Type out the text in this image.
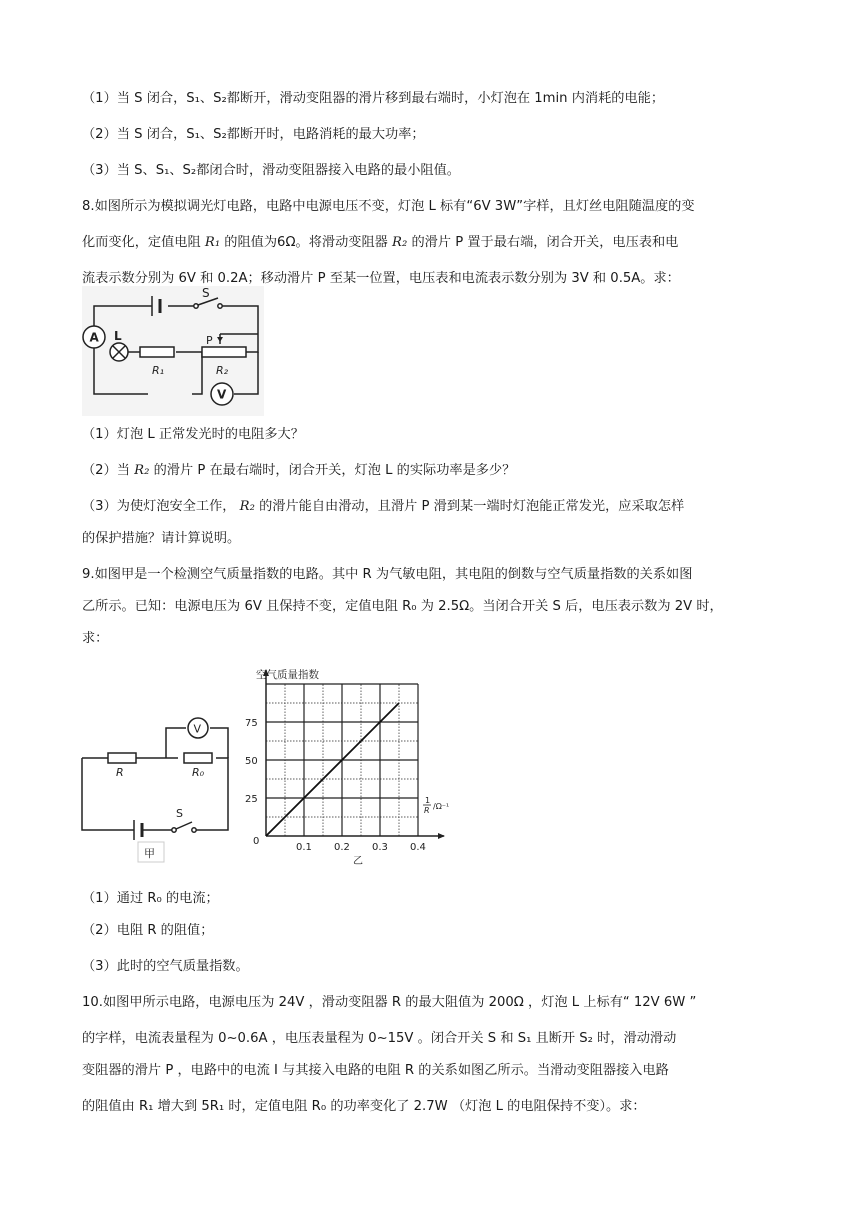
（1）当 S 闭合，S₁、S₂都断开，滑动变阻器的滑片移到最右端时，小灯泡在 1min 内消耗的电能；
（2）当 S 闭合，S₁、S₂都断开时，电路消耗的最大功率；
（3）当 S、S₁、S₂都闭合时，滑动变阻器接入电路的最小阻值。
8.如图所示为模拟调光灯电路，电路中电源电压不变，灯泡 L 标有“6V 3W”字样，且灯丝电阻随温度的变
化而变化，定值电阻 R₁ 的阻值为6Ω。将滑动变阻器 R₂ 的滑片 P 置于最右端，闭合开关，电压表和电
流表示数分别为 6V 和 0.2A；移动滑片 P 至某一位置，电压表和电流表示数分别为 3V 和 0.5A。求：
S
A L
R₁
P
R₂
V
（1）灯泡 L 正常发光时的电阻多大？
（2）当 R₂ 的滑片 P 在最右端时，闭合开关，灯泡 L 的实际功率是多少？
（3）为使灯泡安全工作， R₂ 的滑片能自由滑动，且滑片 P 滑到某一端时灯泡能正常发光，应采取怎样
的保护措施？请计算说明。
9.如图甲是一个检测空气质量指数的电路。其中 R 为气敏电阻，其电阻的倒数与空气质量指数的关系如图
乙所示。已知：电源电压为 6V 且保持不变，定值电阻 R₀ 为 2.5Ω。当闭合开关 S 后，电压表示数为 2V 时，
求：
R	R₀
V
S
甲	0.1 0.2 0.3 0.4
25
50
75
空气质量指数
1
R /Ω⁻¹
0
乙
（1）通过 R₀ 的电流；
（2）电阻 R 的阻值；
（3）此时的空气质量指数。
10.如图甲所示电路，电源电压为 24V ，滑动变阻器 R 的最大阻值为 200Ω ，灯泡 L 上标有“ 12V 6W ”
的字样，电流表量程为 0~0.6A ，电压表量程为 0~15V 。闭合开关 S 和 S₁ 且断开 S₂ 时，滑动滑动
变阻器的滑片 P ，电路中的电流 I 与其接入电路的电阻 R 的关系如图乙所示。当滑动变阻器接入电路
的阻值由 R₁ 增大到 5R₁ 时，定值电阻 R₀ 的功率变化了 2.7W （灯泡 L 的电阻保持不变）。求：
